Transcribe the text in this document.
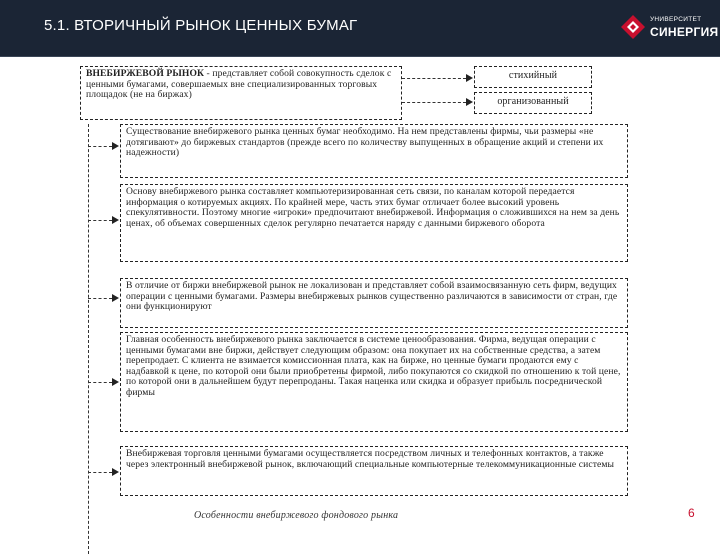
5.1. ВТОРИЧНЫЙ РЫНОК ЦЕННЫХ БУМАГ	УНИВЕРСИТЕТ
СИНЕРГИЯ
ВНЕБИРЖЕВОЙ РЫНОК - представляет собой совокупность сделок с ценными бумагами, совершаемых вне специализированных торговых площадок (не на биржах)
стихийный
организованный
Существование внебиржевого рынка ценных бумаг необходимо. На нем представлены фирмы, чьи размеры «не дотягивают» до биржевых стандартов (прежде всего по количеству выпущенных в обращение акций и степени их надежности)
Основу внебиржевого рынка составляет компьютеризированная сеть связи, по каналам которой передается информация о котируемых акциях. По крайней мере, часть этих бумаг отличает более высокий уровень спекулятивности. Поэтому многие «игроки» предпочитают внебиржевой. Информация о сложившихся на нем за день ценах, об объемах совершенных сделок регулярно печатается наряду с данными биржевого оборота
В отличие от биржи внебиржевой рынок не локализован и представляет собой взаимосвязанную сеть фирм, ведущих операции с ценными бумагами. Размеры внебиржевых рынков существенно различаются в зависимости от стран, где они функционируют
Главная особенность внебиржевого рынка заключается в системе ценообразования. Фирма, ведущая операции с ценными бумагами вне биржи, действует следующим образом: она покупает их на собственные средства, а затем перепродает. С клиента не взимается комиссионная плата, как на бирже, но ценные бумаги продаются ему с надбавкой к цене, по которой они были приобретены фирмой, либо покупаются со скидкой по отношению к той цене, по которой они в дальнейшем будут перепроданы. Такая наценка или скидка и образует прибыль посреднической фирмы
Внебиржевая торговля ценными бумагами осуществляется посредством личных и телефонных контактов, а также через электронный внебиржевой рынок, включающий специальные компьютерные телекоммуникационные системы
Особенности внебиржевого фондового рынка	6
